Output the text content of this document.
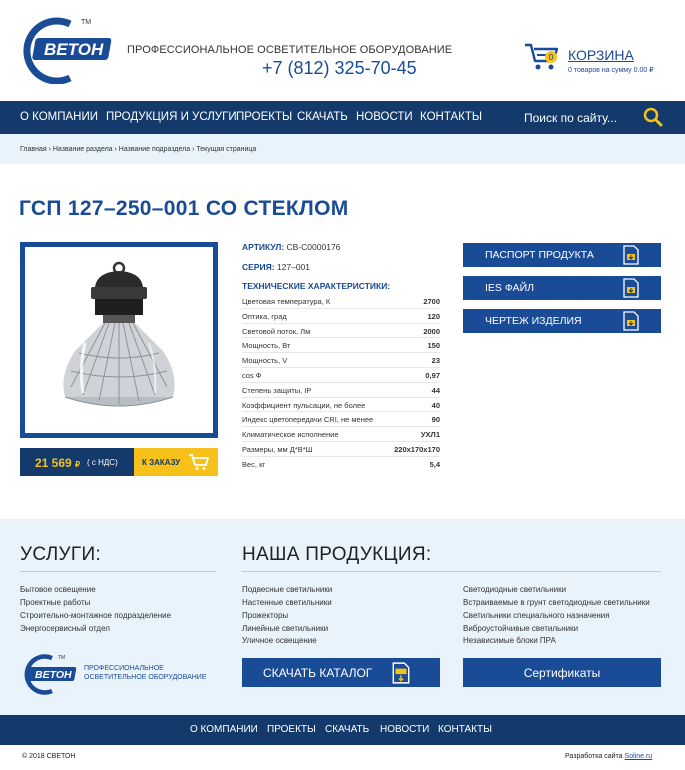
ВЕТОН
TM
ПРОФЕССИОНАЛЬНОЕ ОСВЕТИТЕЛЬНОЕ ОБОРУДОВАНИЕ
+7 (812) 325-70-45
0 КОРЗИНА
0 товаров на сумму 0.00 ₽
О КОМПАНИИ ПРОДУКЦИЯ И УСЛУГИ ПРОЕКТЫ СКАЧАТЬ НОВОСТИ КОНТАКТЫ
Поиск по сайту...
Главная › Название раздела › Название подраздела › Текущая страница
ГСП 127–250–001 СО СТЕКЛОМ
21 569 ₽ ( с НДС)	К ЗАКАЗУ
АРТИКУЛ: СВ-С0000176
СЕРИЯ: 127–001
ТЕХНИЧЕСКИЕ ХАРАКТЕРИСТИКИ:
Цветовая температура, К	2700
Оптика, град	120
Световой поток, Лм	2000
Мощность, Вт	150
Мощность, V	23
cos Ф	0,97
Степень защиты, IP	44
Коэффициент пульсации, не более	40
Индекс цветопередачи CRI, не менее	90
Климатическое исполнение	УХЛ1
Размеры, мм Д*В*Ш	220х170х170
Вес, кг	5,4
ПАСПОРТ ПРОДУКТА
IES ФАЙЛ
ЧЕРТЕЖ ИЗДЕЛИЯ
УСЛУГИ:	НАША ПРОДУКЦИЯ:
Бытовое освещение
Проектные работы
Строительно-монтажное подразделение
Энергосервисный отдел
Подвесные светильники
Настенные светильники
Прожекторы
Линейные светильники
Уличное освещение
Светодиодные светильники
Встраиваемые в грунт светодиодные светильники
Светильники специального назначения
Виброустойчивые светильники
Независимые блоки ПРА
ВЕТОН
TM
ПРОФЕССИОНАЛЬНОЕ
ОСВЕТИТЕЛЬНОЕ ОБОРУДОВАНИЕ	СКАЧАТЬ КАТАЛОГ	Сертификаты
О КОМПАНИИ ПРОЕКТЫ СКАЧАТЬ НОВОСТИ КОНТАКТЫ
© 2018 СВЕТОН	Разработка сайта Soline.ru
